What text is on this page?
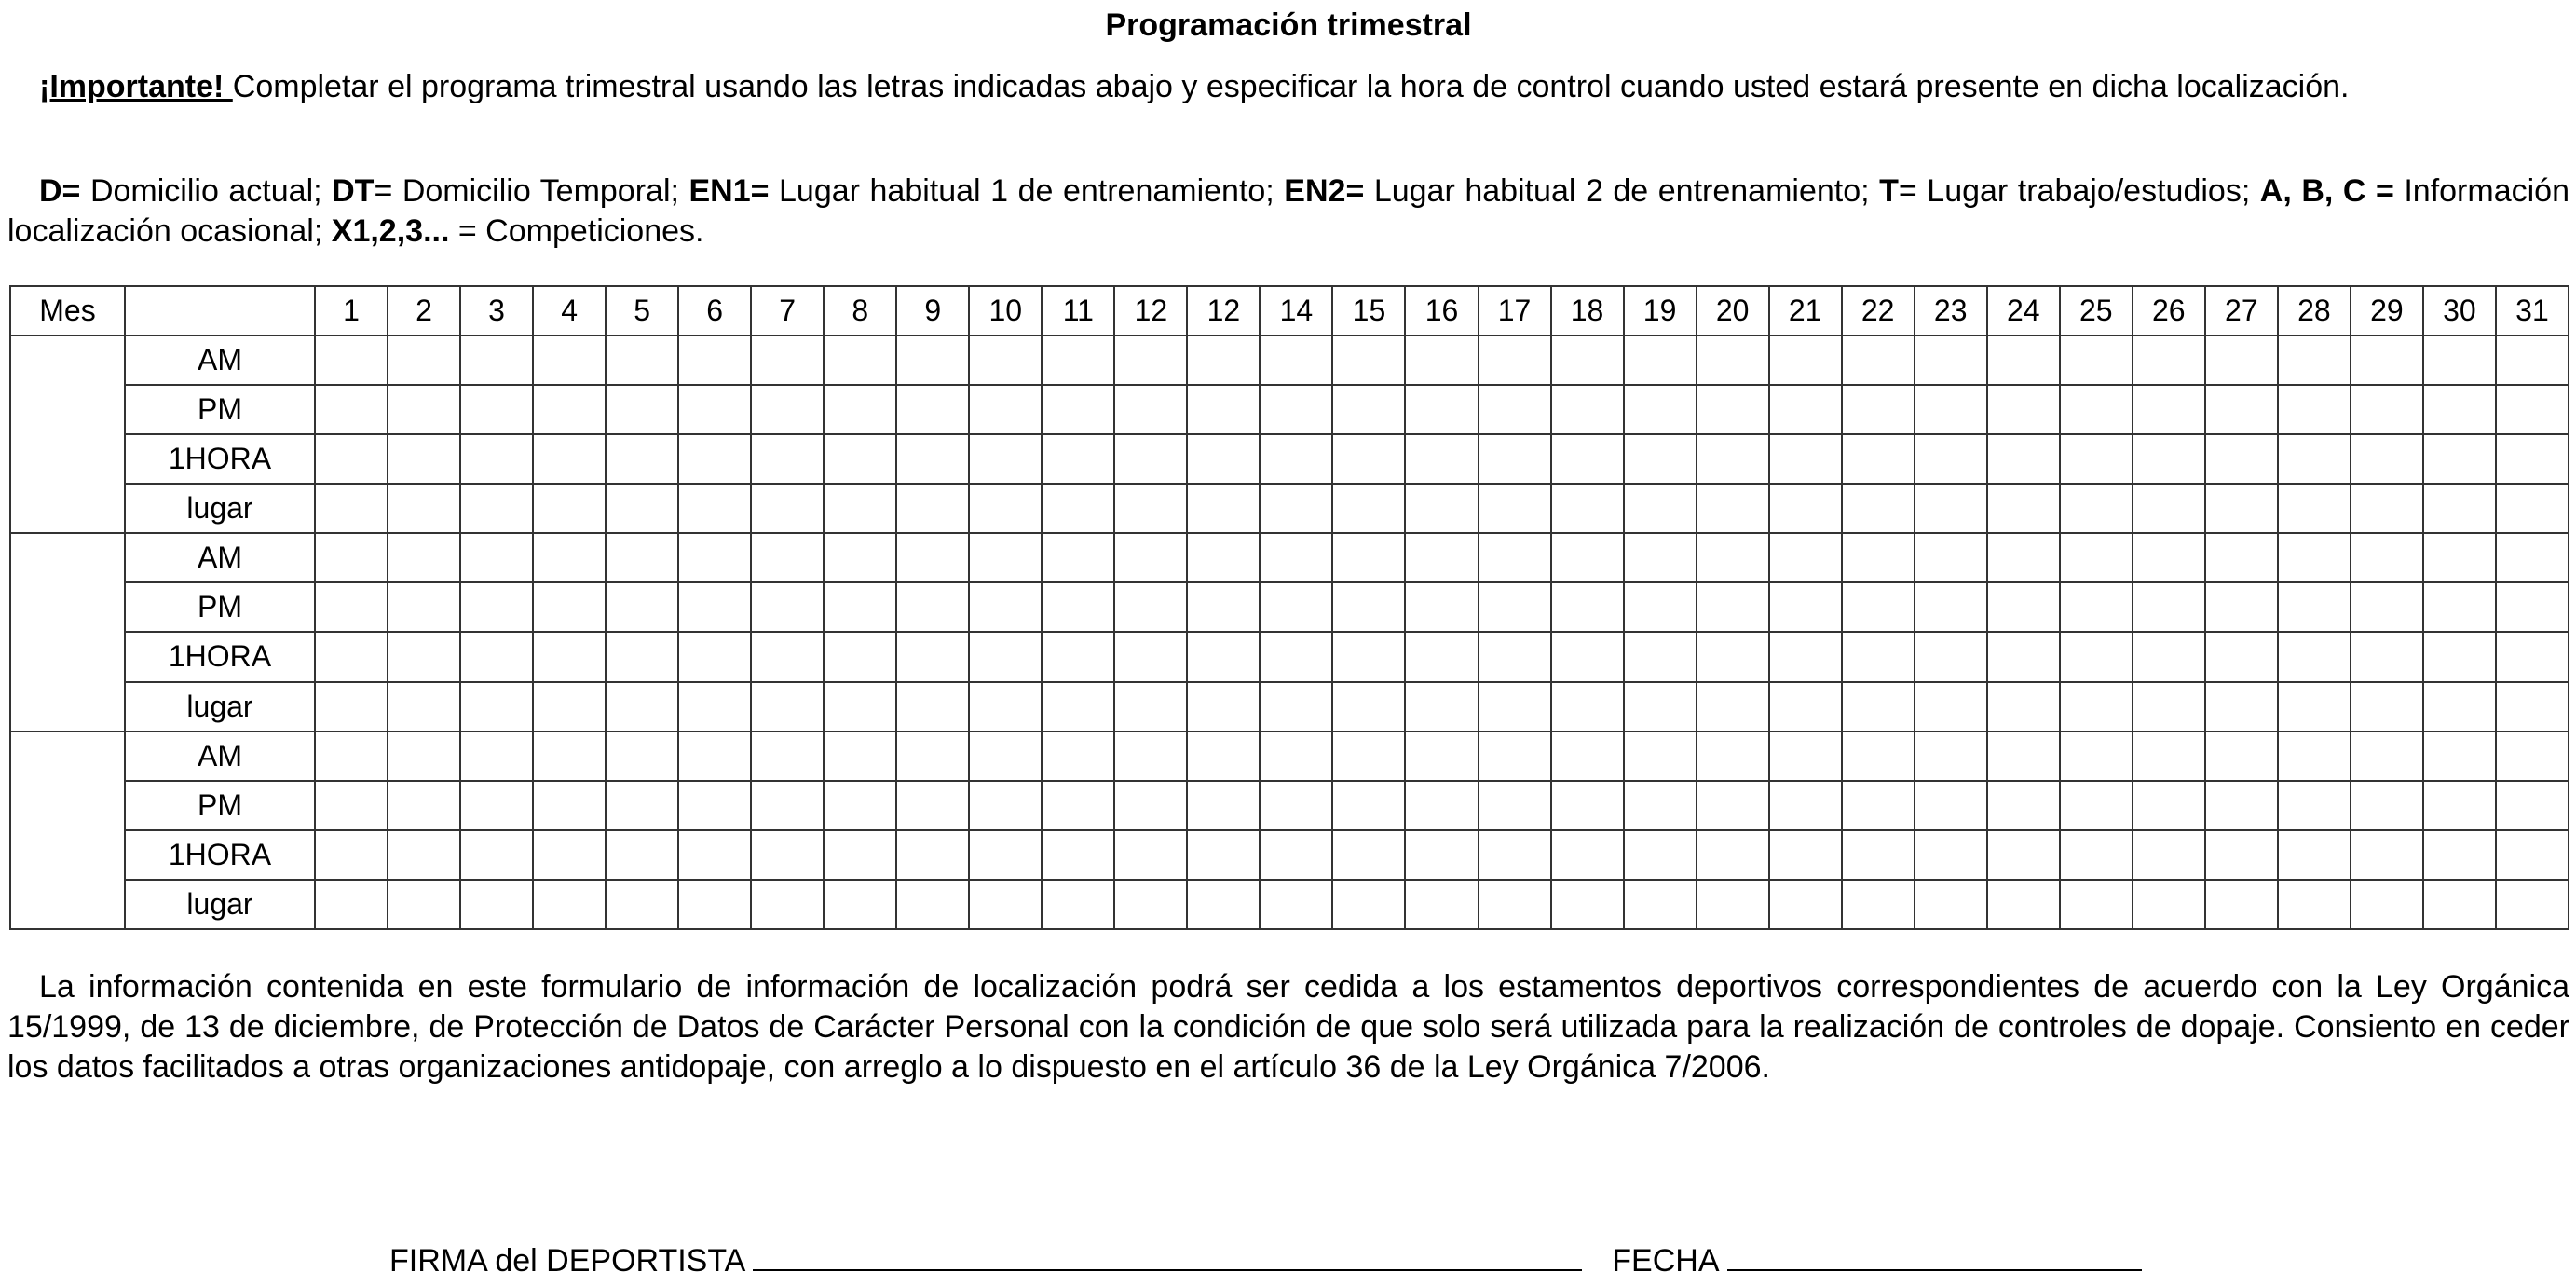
Programación trimestral
¡Importante! Completar el programa trimestral usando las letras indicadas abajo y especificar la hora de control cuando usted estará presente en dicha localización.
D= Domicilio actual; DT= Domicilio Temporal; EN1= Lugar habitual 1 de entrenamiento; EN2= Lugar habitual 2 de entrenamiento; T= Lugar trabajo/estudios; A, B, C = Información localización ocasional; X1,2,3... = Competiciones.
Mes		1	2	3	4	5	6	7	8	9	10	11	12	12	14	15	16	17	18	19	20	21	22	23	24	25	26	27	28	29	30	31
	AM																															
	PM																															
	1HORA																															
	lugar																															
	AM																															
	PM																															
	1HORA																															
	lugar																															
	AM																															
	PM																															
	1HORA																															
	lugar																															
La información contenida en este formulario de información de localización podrá ser cedida a los estamentos deportivos correspondientes de acuerdo con la Ley Orgánica 15/1999, de 13 de diciembre, de Protección de Datos de Carácter Personal con la condición de que solo será utilizada para la realización de controles de dopaje. Consiento en ceder los datos facilitados a otras organizaciones antidopaje, con arreglo a lo dispuesto en el artículo 36 de la Ley Orgánica 7/2006.
FIRMA del DEPORTISTA	FECHA
